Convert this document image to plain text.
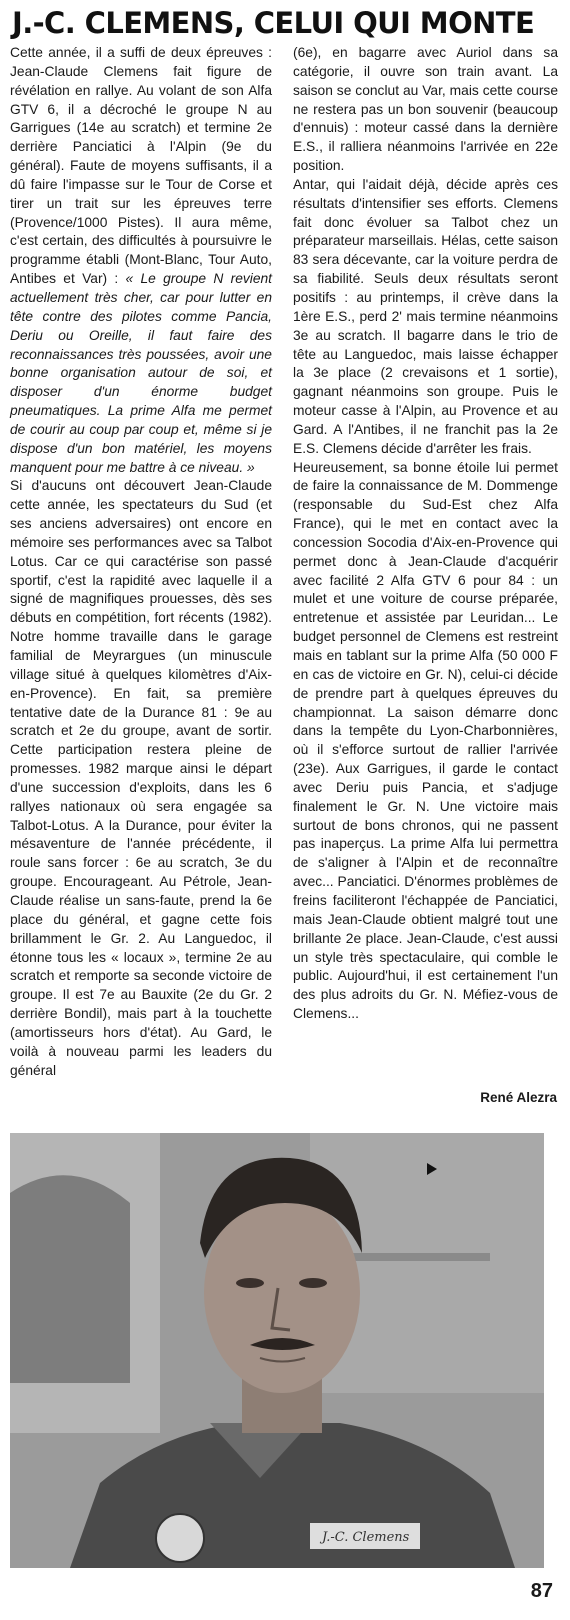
J.-C. CLEMENS, CELUI QUI MONTE

Cette année, il a suffi de deux épreuves : Jean-Claude Clemens fait figure de révélation en rallye. Au volant de son Alfa GTV 6, il a décroché le groupe N au Garrigues (14e au scratch) et termine 2e derrière Panciatici à l'Alpin (9e du général). Faute de moyens suffisants, il a dû faire l'impasse sur le Tour de Corse et tirer un trait sur les épreuves terre (Provence/1000 Pistes). Il aura même, c'est certain, des difficultés à poursuivre le programme établi (Mont-Blanc, Tour Auto, Antibes et Var) : « Le groupe N revient actuellement très cher, car pour lutter en tête contre des pilotes comme Pancia, Deriu ou Oreille, il faut faire des reconnaissances très poussées, avoir une bonne organisation autour de soi, et disposer d'un énorme budget pneumatiques. La prime Alfa me permet de courir au coup par coup et, même si je dispose d'un bon matériel, les moyens manquent pour me battre à ce niveau. »

Si d'aucuns ont découvert Jean-Claude cette année, les spectateurs du Sud (et ses anciens adversaires) ont encore en mémoire ses performances avec sa Talbot Lotus. Car ce qui caractérise son passé sportif, c'est la rapidité avec laquelle il a signé de magnifiques prouesses, dès ses débuts en compétition, fort récents (1982). Notre homme travaille dans le garage familial de Meyrargues (un minuscule village situé à quelques kilomètres d'Aix-en-Provence). En fait, sa première tentative date de la Durance 81 : 9e au scratch et 2e du groupe, avant de sortir. Cette participation restera pleine de promesses. 1982 marque ainsi le départ d'une succession d'exploits, dans les 6 rallyes nationaux où sera engagée sa Talbot-Lotus. A la Durance, pour éviter la mésaventure de l'année précédente, il roule sans forcer : 6e au scratch, 3e du groupe. Encourageant. Au Pétrole, Jean-Claude réalise un sans-faute, prend la 6e place du général, et gagne cette fois brillamment le Gr. 2. Au Languedoc, il étonne tous les « locaux », termine 2e au scratch et remporte sa seconde victoire de groupe. Il est 7e au Bauxite (2e du Gr. 2 derrière Bondil), mais part à la touchette (amortisseurs hors d'état). Au Gard, le voilà à nouveau parmi les leaders du général

(6e), en bagarre avec Auriol dans sa catégorie, il ouvre son train avant. La saison se conclut au Var, mais cette course ne restera pas un bon souvenir (beaucoup d'ennuis) : moteur cassé dans la dernière E.S., il ralliera néanmoins l'arrivée en 22e position.

Antar, qui l'aidait déjà, décide après ces résultats d'intensifier ses efforts. Clemens fait donc évoluer sa Talbot chez un préparateur marseillais. Hélas, cette saison 83 sera décevante, car la voiture perdra de sa fiabilité. Seuls deux résultats seront positifs : au printemps, il crève dans la 1ère E.S., perd 2' mais termine néanmoins 3e au scratch. Il bagarre dans le trio de tête au Languedoc, mais laisse échapper la 3e place (2 crevaisons et 1 sortie), gagnant néanmoins son groupe. Puis le moteur casse à l'Alpin, au Provence et au Gard. A l'Antibes, il ne franchit pas la 2e E.S. Clemens décide d'arrêter les frais.

Heureusement, sa bonne étoile lui permet de faire la connaissance de M. Dommenge (responsable du Sud-Est chez Alfa France), qui le met en contact avec la concession Socodia d'Aix-en-Provence qui permet donc à Jean-Claude d'acquérir avec facilité 2 Alfa GTV 6 pour 84 : un mulet et une voiture de course préparée, entretenue et assistée par Leuridan... Le budget personnel de Clemens est restreint mais en tablant sur la prime Alfa (50 000 F en cas de victoire en Gr. N), celui-ci décide de prendre part à quelques épreuves du championnat. La saison démarre donc dans la tempête du Lyon-Charbonnières, où il s'efforce surtout de rallier l'arrivée (23e). Aux Garrigues, il garde le contact avec Deriu puis Pancia, et s'adjuge finalement le Gr. N. Une victoire mais surtout de bons chronos, qui ne passent pas inaperçus. La prime Alfa lui permettra de s'aligner à l'Alpin et de reconnaître avec... Panciatici. D'énormes problèmes de freins faciliteront l'échappée de Panciatici, mais Jean-Claude obtient malgré tout une brillante 2e place. Jean-Claude, c'est aussi un style très spectaculaire, qui comble le public. Aujourd'hui, il est certainement l'un des plus adroits du Gr. N. Méfiez-vous de Clemens...

René Alezra
J.-C. Clemens
87
